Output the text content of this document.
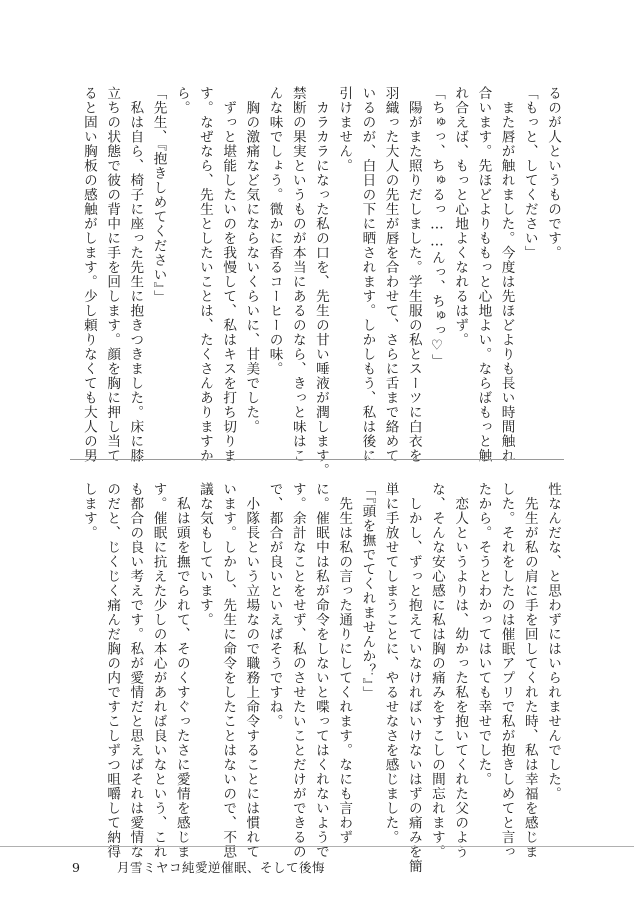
るのが人というものです。
「もっと、してください」
　また唇が触れました。今度は先ほどよりも長い時間触れ
合います。先ほどよりももっと心地よい。ならばもっと触
れ合えば、もっと心地よくなれるはず。
「ちゅっ、ちゅるっ……んっ、ちゅっ♡」
　陽がまた照りだしました。学生服の私とスーツに白衣を
羽織った大人の先生が唇を合わせて、さらに舌まで絡めて
いるのが、白日の下に晒されます。しかしもう、私は後に
引けません。
　カラカラになった私の口を、先生の甘い唾液が潤します。
禁断の果実というものが本当にあるのなら、きっと味はこ
んな味でしょう。微かに香るコーヒーの味。
　胸の激痛など気にならないくらいに、甘美でした。
　ずっと堪能したいのを我慢して、私はキスを打ち切りま
す。なぜなら、先生としたいことは、たくさんありますか
ら。
「先生、『抱きしめてください』」
　私は自ら、椅子に座った先生に抱きつきました。床に膝
立ちの状態で彼の背中に手を回します。顔を胸に押し当て
ると固い胸板の感触がします。少し頼りなくても大人の男
性なんだな、と思わずにはいられませんでした。
　先生が私の肩に手を回してくれた時、私は幸福を感じま
した。それをしたのは催眠アプリで私が抱きしめてと言っ
たから。そうとわかってはいても幸せでした。
　恋人というよりは、幼かった私を抱いてくれた父のよう
な、そんな安心感に私は胸の痛みをすこしの間忘れます。
　しかし、ずっと抱えていなければいけないはずの痛みを簡
単に手放せてしまうことに、やるせなさを感じました。
「『頭を撫でてくれませんか？』」
　先生は私の言った通りにしてくれます。なにも言わず
に。催眠中は私が命令をしないと喋ってはくれないようで
す。余計なことをせず、私のさせたいことだけができるの
で、都合が良いといえばそうですね。
　小隊長という立場なので職務上命令することには慣れて
います。しかし、先生に命令をしたことはないので、不思
議な気もしています。
　私は頭を撫でられて、そのくすぐったさに愛情を感じま
す。催眠に抗えた少しの本心があれば良いなという、これ
も都合の良い考えです。私が愛情だと思えばそれは愛情な
のだと、じくじく痛んだ胸の内ですこしずつ咀嚼して納得
します。
9	月雪ミヤコ純愛逆催眠、そして後悔
